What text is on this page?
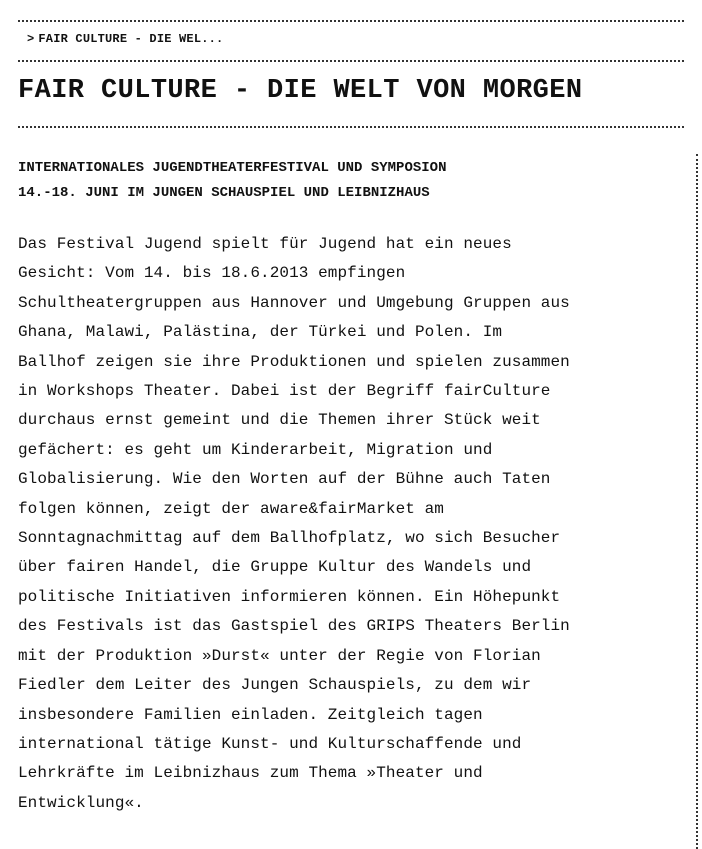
> FAIR CULTURE - DIE WEL...
FAIR CULTURE - DIE WELT VON MORGEN
INTERNATIONALES JUGENDTHEATERFESTIVAL UND SYMPOSION
14.-18. JUNI IM JUNGEN SCHAUSPIEL UND LEIBNIZHAUS

Das Festival Jugend spielt für Jugend hat ein neues
Gesicht: Vom 14. bis 18.6.2013 empfingen
Schultheatergruppen aus Hannover und Umgebung Gruppen aus
Ghana, Malawi, Palästina, der Türkei und Polen. Im
Ballhof zeigen sie ihre Produktionen und spielen zusammen
in Workshops Theater. Dabei ist der Begriff fairCulture
durchaus ernst gemeint und die Themen ihrer Stück weit
gefächert: es geht um Kinderarbeit, Migration und
Globalisierung. Wie den Worten auf der Bühne auch Taten
folgen können, zeigt der aware&fairMarket am
Sonntagnachmittag auf dem Ballhofplatz, wo sich Besucher
über fairen Handel, die Gruppe Kultur des Wandels und
politische Initiativen informieren können. Ein Höhepunkt
des Festivals ist das Gastspiel des GRIPS Theaters Berlin
mit der Produktion »Durst« unter der Regie von Florian
Fiedler dem Leiter des Jungen Schauspiels, zu dem wir
insbesondere Familien einladen. Zeitgleich tagen
international tätige Kunst- und Kulturschaffende und
Lehrkräfte im Leibnizhaus zum Thema »Theater und
Entwicklung«.
